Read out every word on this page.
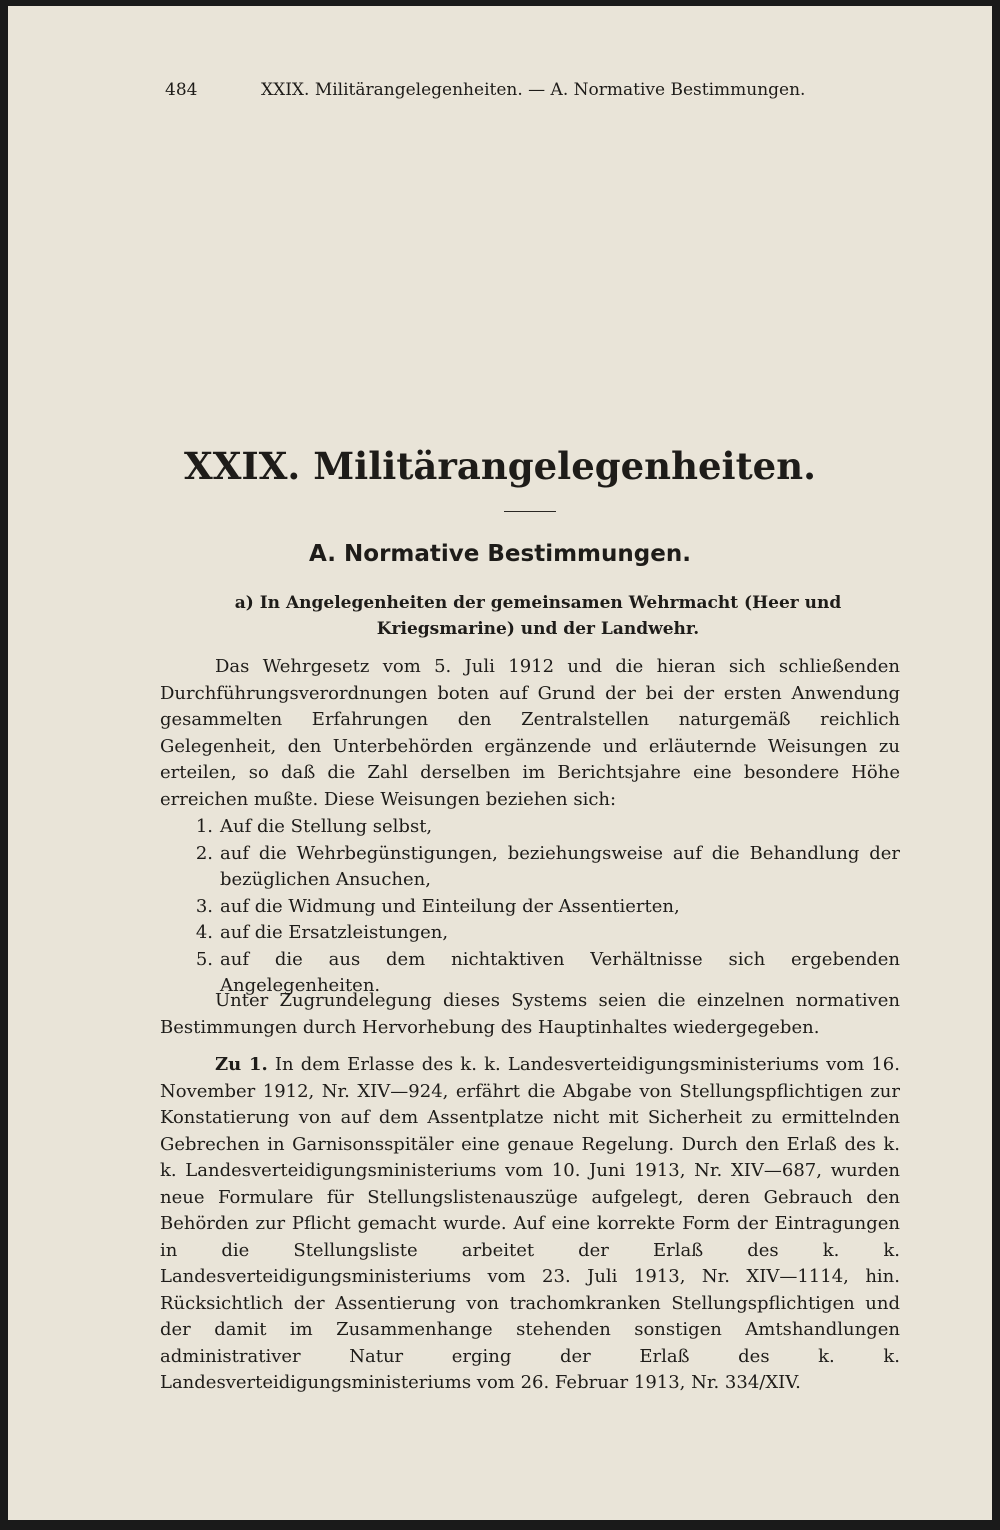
484	XXIX. Militärangelegenheiten. — A. Normative Bestimmungen.
XXIX. Militärangelegenheiten.
A. Normative Bestimmungen.
a) In Angelegenheiten der gemeinsamen Wehrmacht (Heer und Kriegsmarine) und der Landwehr.

Das Wehrgesetz vom 5. Juli 1912 und die hieran sich schließenden Durchführungsverordnungen boten auf Grund der bei der ersten Anwendung gesammelten Erfahrungen den Zentralstellen naturgemäß reichlich Gelegenheit, den Unterbehörden ergänzende und erläuternde Weisungen zu erteilen, so daß die Zahl derselben im Berichtsjahre eine besondere Höhe erreichen mußte. Diese Weisungen beziehen sich:

1. Auf die Stellung selbst,
2. auf die Wehrbegünstigungen, beziehungsweise auf die Behandlung der bezüglichen Ansuchen,
3. auf die Widmung und Einteilung der Assentierten,
4. auf die Ersatzleistungen,
5. auf die aus dem nichtaktiven Verhältnisse sich ergebenden Angelegenheiten.

Unter Zugrundelegung dieses Systems seien die einzelnen normativen Bestimmungen durch Hervorhebung des Hauptinhaltes wiedergegeben.

Zu 1. In dem Erlasse des k. k. Landesverteidigungsministeriums vom 16. November 1912, Nr. XIV—924, erfährt die Abgabe von Stellungspflichtigen zur Konstatierung von auf dem Assentplatze nicht mit Sicherheit zu ermittelnden Gebrechen in Garnisonsspitäler eine genaue Regelung. Durch den Erlaß des k. k. Landesverteidigungsministeriums vom 10. Juni 1913, Nr. XIV—687, wurden neue Formulare für Stellungslistenauszüge aufgelegt, deren Gebrauch den Behörden zur Pflicht gemacht wurde. Auf eine korrekte Form der Eintragungen in die Stellungsliste arbeitet der Erlaß des k. k. Landesverteidigungsministeriums vom 23. Juli 1913, Nr. XIV—1114, hin. Rücksichtlich der Assentierung von trachomkranken Stellungspflichtigen und der damit im Zusammenhange stehenden sonstigen Amtshandlungen administrativer Natur erging der Erlaß des k. k. Landesverteidigungsministeriums vom 26. Februar 1913, Nr. 334/XIV.
